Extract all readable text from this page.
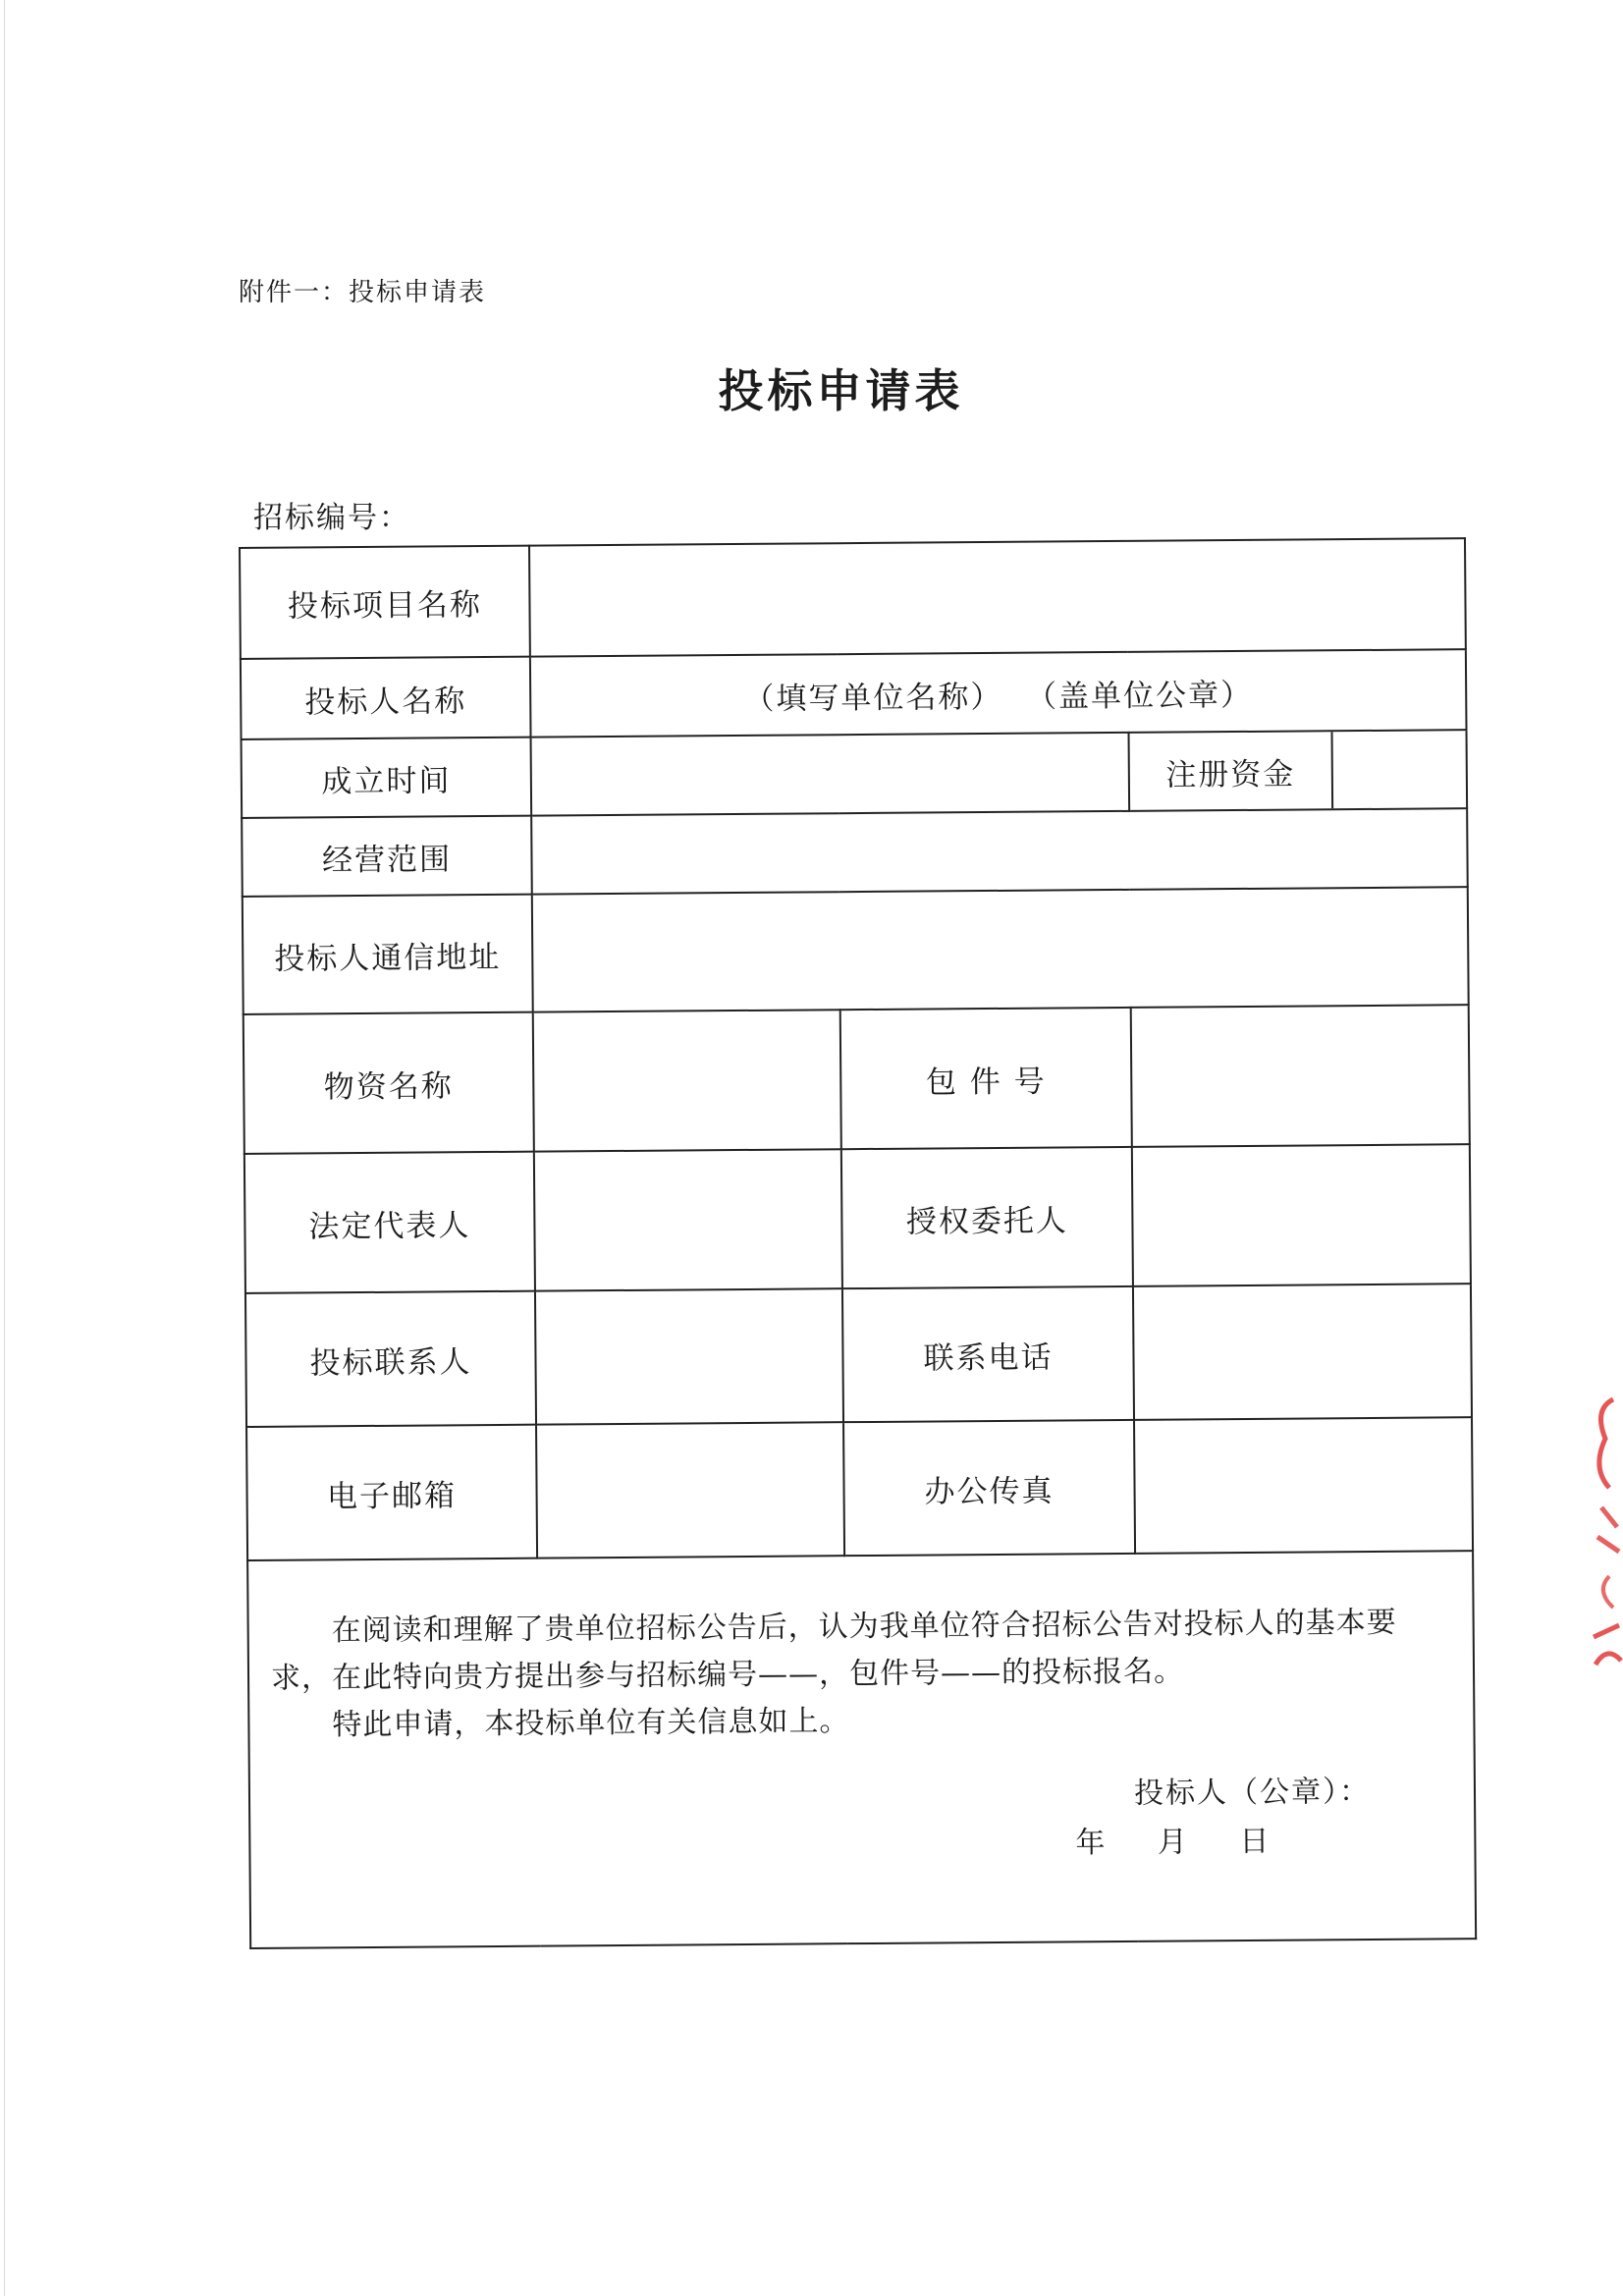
附件一：投标申请表
投标申请表
招标编号：
投标项目名称			
投标人名称	（填写单位名称）  （盖单位公章）		
成立时间			注册资金

经营范围			
投标人通信地址			
物资名称		包 件 号	
法定代表人		授权委托人	
投标联系人		联系电话	
电子邮箱		办公传真	

在阅读和理解了贵单位招标公告后，认为我单位符合招标公告对投标人的基本要求，在此特向贵方提出参与招标编号——，包件号——的投标报名。
特此申请，本投标单位有关信息如上。
投标人（公章）：
年 月 日			
